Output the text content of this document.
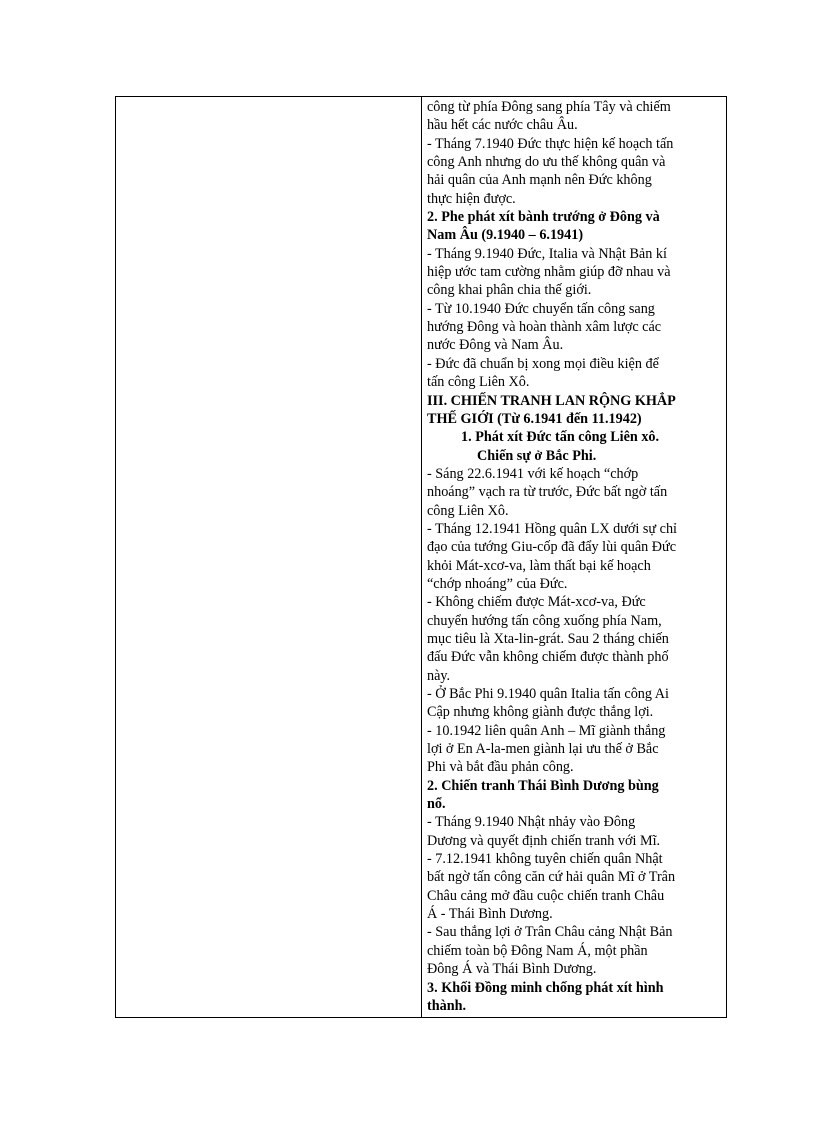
công từ phía Đông sang phía Tây và chiếm
hầu hết các nước châu Âu.
- Tháng 7.1940 Đức thực hiện kế hoạch tấn
công Anh nhưng do ưu thế không quân và
hải quân của Anh mạnh nên Đức không
thực hiện được.
2. Phe phát xít bành trướng ở Đông và
Nam Âu (9.1940 – 6.1941)
- Tháng 9.1940 Đức, Italia và Nhật Bản kí
hiệp ước tam cường nhằm giúp đỡ nhau và
công khai phân chia thế giới.
- Từ 10.1940 Đức chuyển tấn công sang
hướng Đông và hoàn thành xâm lược các
nước Đông và Nam Âu.
- Đức đã chuẩn bị xong mọi điều kiện để
tấn công Liên Xô.
III. CHIẾN TRANH LAN RỘNG KHẮP
THẾ GIỚI (Từ 6.1941 đến 11.1942)
1. Phát xít Đức tấn công Liên xô.
Chiến sự ở Bắc Phi.
- Sáng 22.6.1941 với kế hoạch “chớp
nhoáng” vạch ra từ trước, Đức bất ngờ tấn
công Liên Xô.
- Tháng 12.1941 Hồng quân LX dưới sự chỉ
đạo của tướng Giu-cốp đã đẩy lùi quân Đức
khỏi Mát-xcơ-va, làm thất bại kế hoạch
“chớp nhoáng” của Đức.
- Không chiếm được Mát-xcơ-va, Đức
chuyển hướng tấn công xuống phía Nam,
mục tiêu là Xta-lin-grát. Sau 2 tháng chiến
đấu Đức vẫn không chiếm được thành phố
này.
- Ở Bắc Phi 9.1940 quân Italia tấn công Ai
Cập nhưng không giành được thắng lợi.
- 10.1942 liên quân Anh – Mĩ giành thắng
lợi ở En A-la-men giành lại ưu thế ở Bắc
Phi và bắt đầu phản công.
2. Chiến tranh Thái Bình Dương bùng
nổ.
- Tháng 9.1940 Nhật nhảy vào Đông
Dương và quyết định chiến tranh với Mĩ.
- 7.12.1941 không tuyên chiến quân Nhật
bất ngờ tấn công căn cứ hải quân Mĩ ở Trân
Châu cảng mở đầu cuộc chiến tranh Châu
Á - Thái Bình Dương.
- Sau thắng lợi ở Trân Châu cảng Nhật Bản
chiếm toàn bộ Đông Nam Á, một phần
Đông Á và Thái Bình Dương.
3. Khối Đồng minh chống phát xít hình
thành.
